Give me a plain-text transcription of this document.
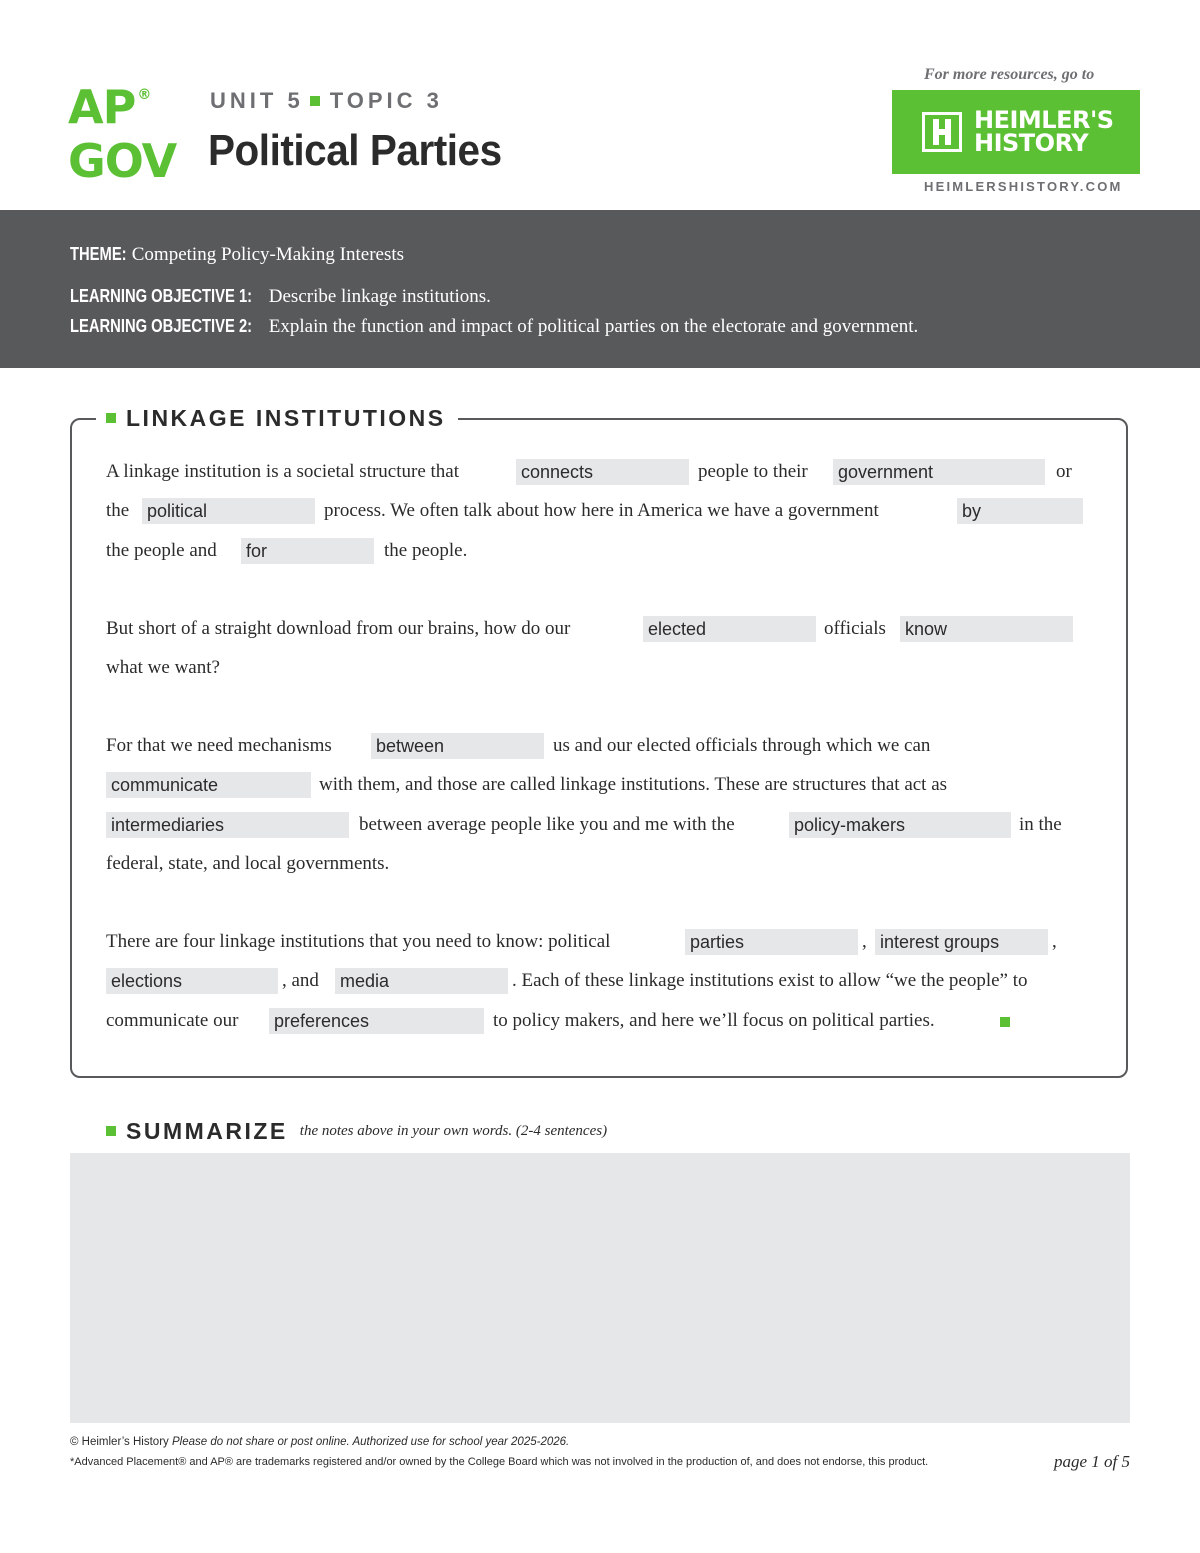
AP ®
GOV
UNIT 5 TOPIC 3
Political Parties
For more resources, go to
HEIMLER'S
HISTORY
HEIMLERSHISTORY.COM
THEME: Competing Policy-Making Interests
LEARNING OBJECTIVE 1: Describe linkage institutions.
LEARNING OBJECTIVE 2: Explain the function and impact of political parties on the electorate and government.
LINKAGE INSTITUTIONS
A linkage institution is a societal structure that	connects	people to their government	or
the political	process. We often talk about how here in America we have a government	by
the people and for	the people.
But short of a straight download from our brains, how do our	elected	officials know
what we want?
For that we need mechanisms between	us and our elected officials through which we can
communicate	with them, and those are called linkage institutions. These are structures that act as
intermediaries	between average people like you and me with the	policy-makers	in the
federal, state, and local governments.
There are four linkage institutions that you need to know: political	parties	, interest groups	,
elections	, and media	. Each of these linkage institutions exist to allow “we the people” to
communicate our preferences	to policy makers, and here we’ll focus on political parties.
SUMMARIZE the notes above in your own words. (2-4 sentences)
© Heimler’s History Please do not share or post online. Authorized use for school year 2025-2026.
*Advanced Placement® and AP® are trademarks registered and/or owned by the College Board which was not involved in the production of, and does not endorse, this product.	page 1 of 5
